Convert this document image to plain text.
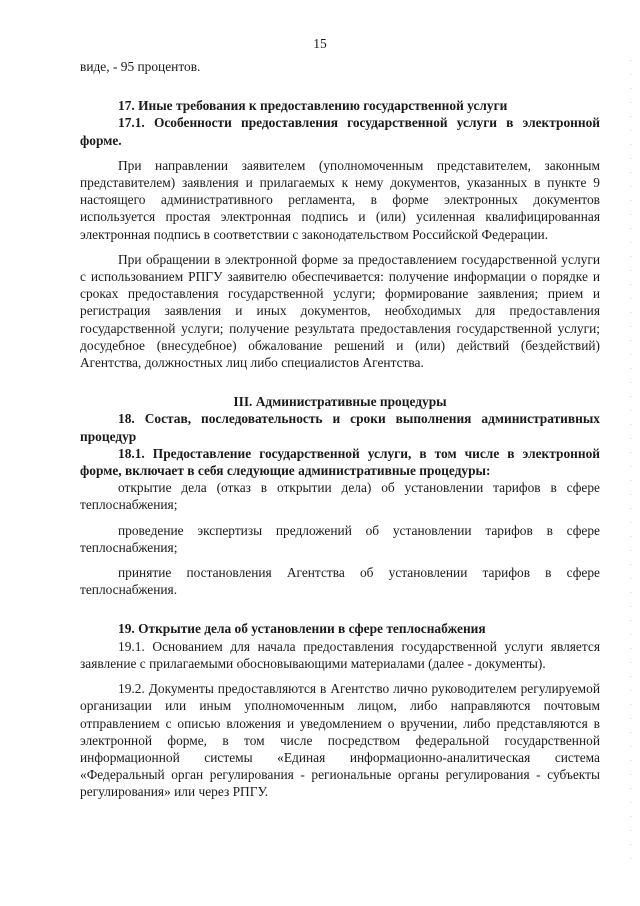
15

виде, - 95 процентов.

17. Иные требования к предоставлению государственной услуги

17.1. Особенности предоставления государственной услуги в электронной форме.

При направлении заявителем (уполномоченным представителем, законным представителем) заявления и прилагаемых к нему документов, указанных в пункте 9 настоящего административного регламента, в форме электронных документов используется простая электронная подпись и (или) усиленная квалифицированная электронная подпись в соответствии с законодательством Российской Федерации.

При обращении в электронной форме за предоставлением государственной услуги с использованием РПГУ заявителю обеспечивается: получение информации о порядке и сроках предоставления государственной услуги; формирование заявления; прием и регистрация заявления и иных документов, необходимых для предоставления государственной услуги; получение результата предоставления государственной услуги; досудебное (внесудебное) обжалование решений и (или) действий (бездействий) Агентства, должностных лиц либо специалистов Агентства.

III. Административные процедуры

18. Состав, последовательность и сроки выполнения административных процедур

18.1. Предоставление государственной услуги, в том числе в электронной форме, включает в себя следующие административные процедуры:

открытие дела (отказ в открытии дела) об установлении тарифов в сфере теплоснабжения;

проведение экспертизы предложений об установлении тарифов в сфере теплоснабжения;

принятие постановления Агентства об установлении тарифов в сфере теплоснабжения.

19. Открытие дела об установлении в сфере теплоснабжения

19.1. Основанием для начала предоставления государственной услуги является заявление с прилагаемыми обосновывающими материалами (далее - документы).

19.2. Документы предоставляются в Агентство лично руководителем регулируемой организации или иным уполномоченным лицом, либо направляются почтовым отправлением с описью вложения и уведомлением о вручении, либо представляются в электронной форме, в том числе посредством федеральной государственной информационной системы «Единая информационно-аналитическая система «Федеральный орган регулирования - региональные органы регулирования - субъекты регулирования» или через РПГУ.
